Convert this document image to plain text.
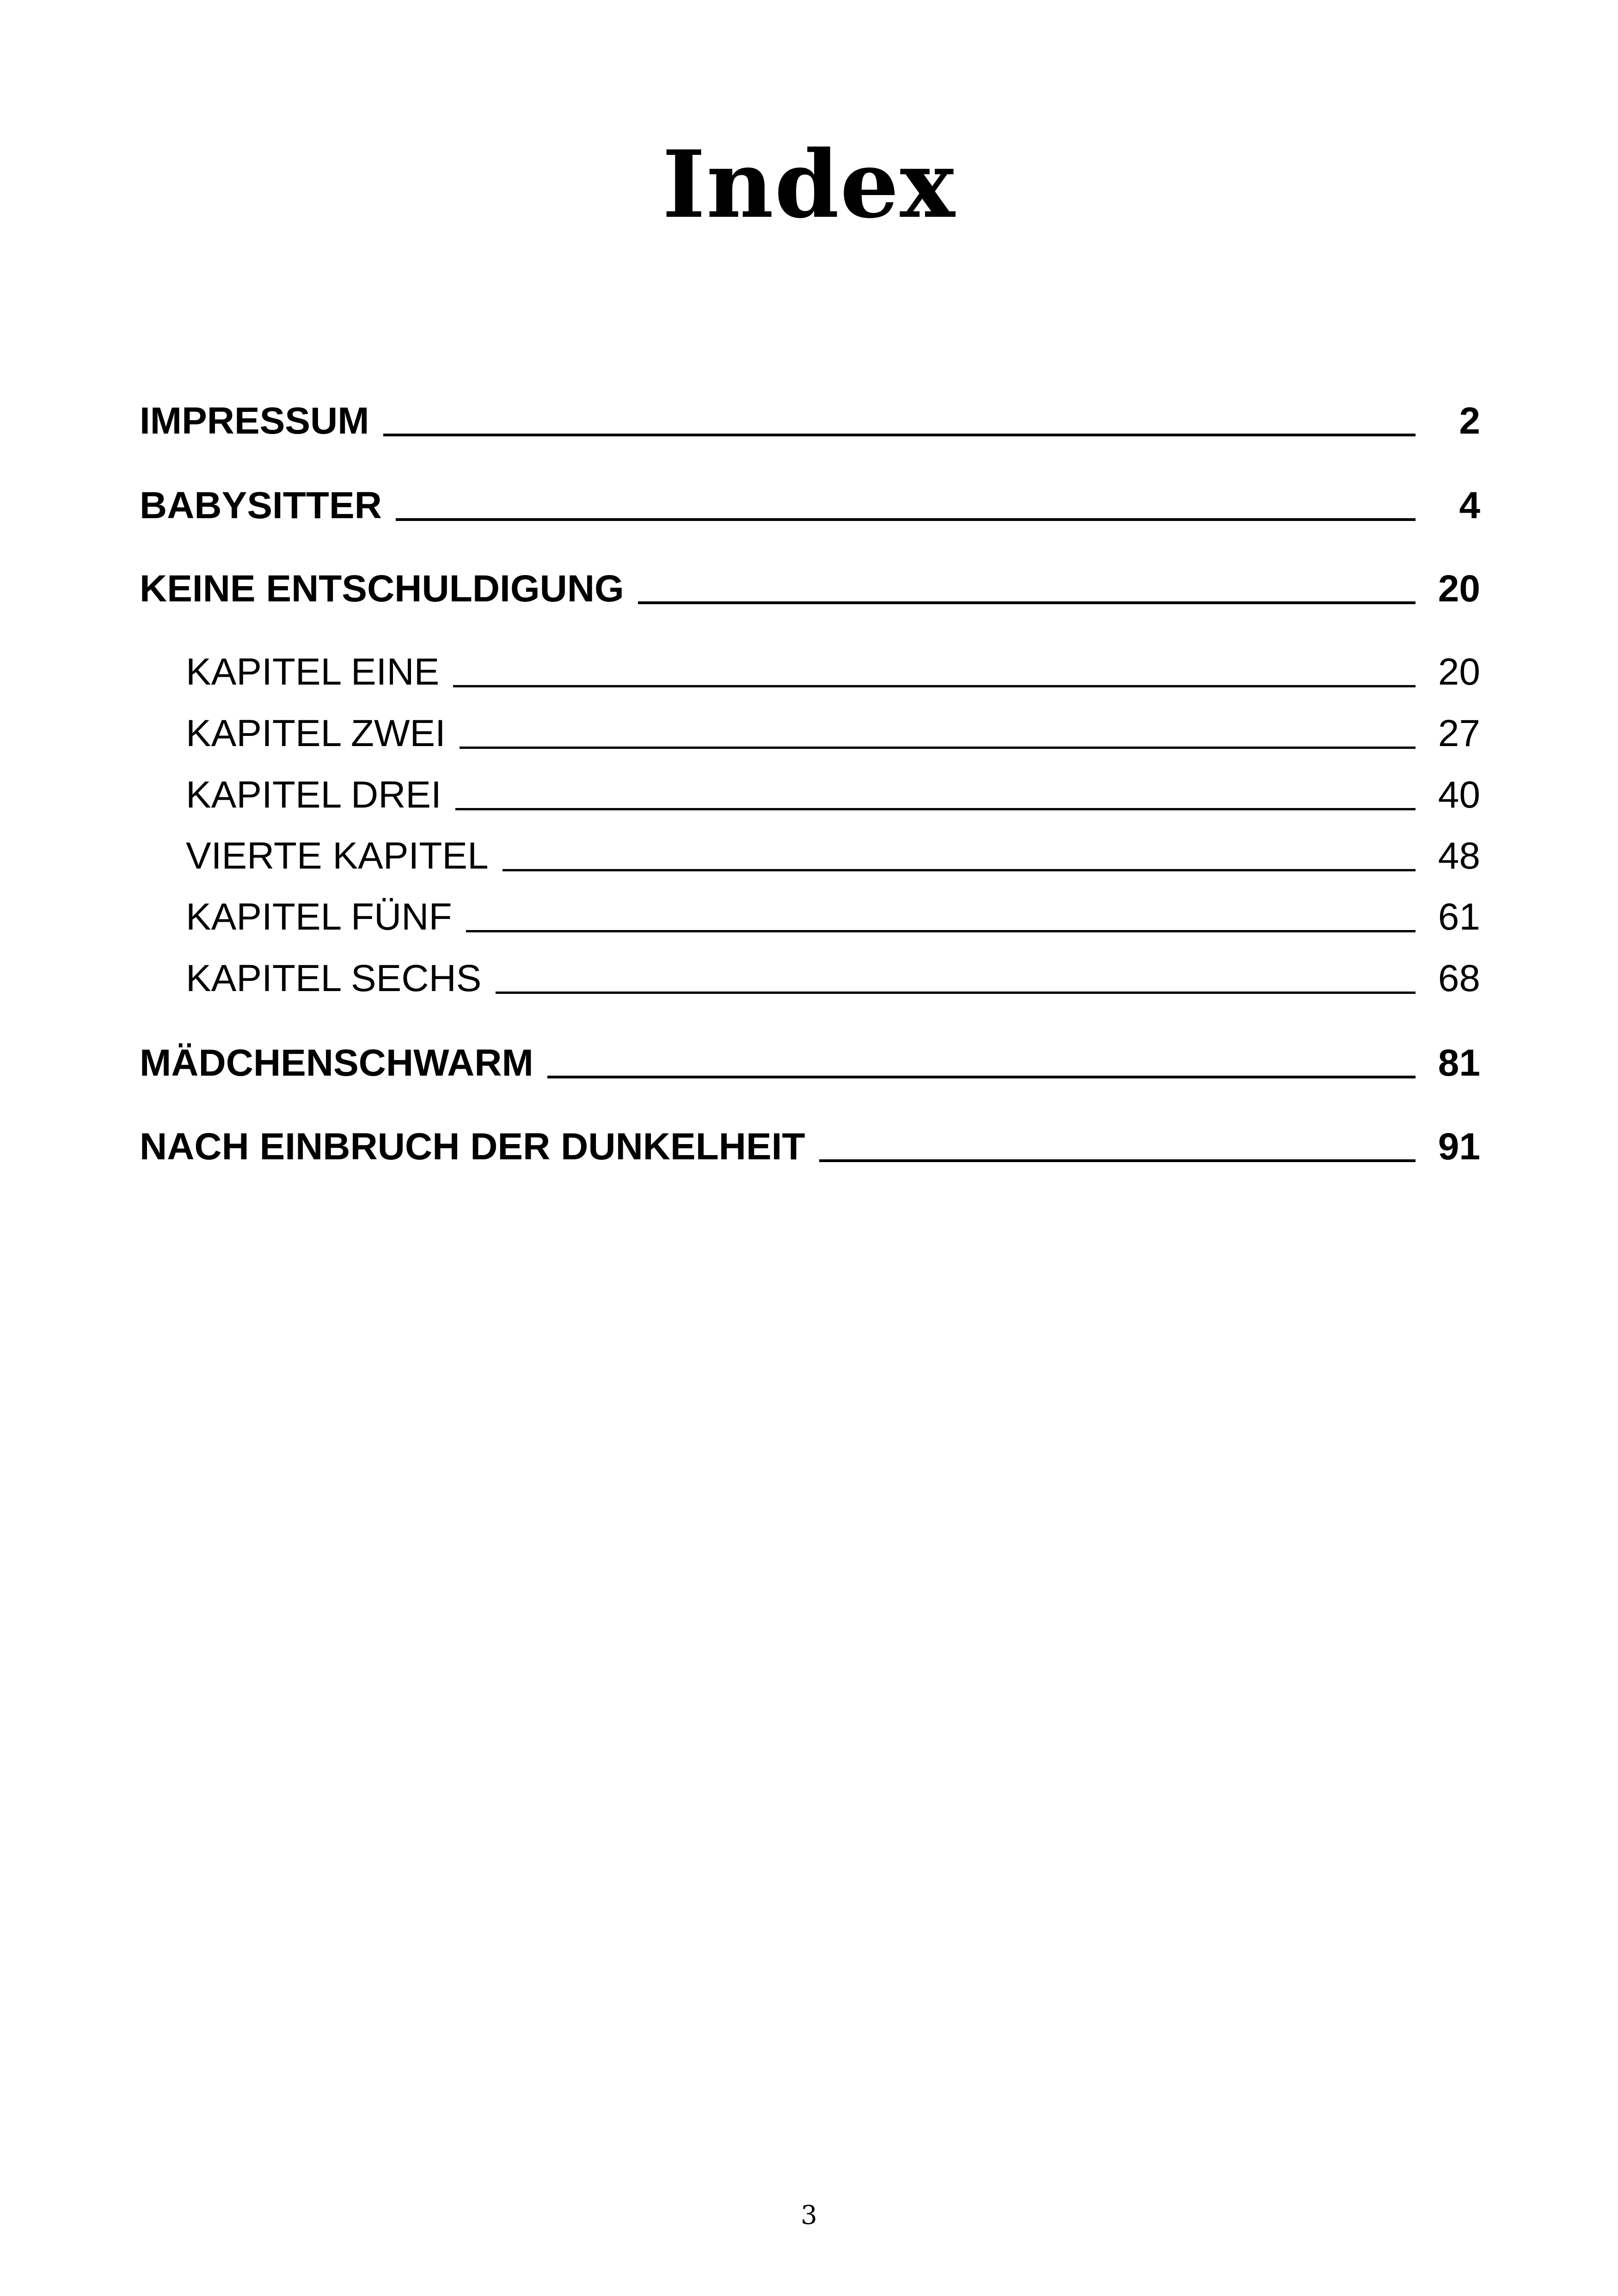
Index
IMPRESSUM	2
BABYSITTER	4
KEINE ENTSCHULDIGUNG	20
KAPITEL EINE	20
KAPITEL ZWEI	27
KAPITEL DREI	40
VIERTE KAPITEL	48
KAPITEL FÜNF	61
KAPITEL SECHS	68
MÄDCHENSCHWARM	81
NACH EINBRUCH DER DUNKELHEIT	91
3
